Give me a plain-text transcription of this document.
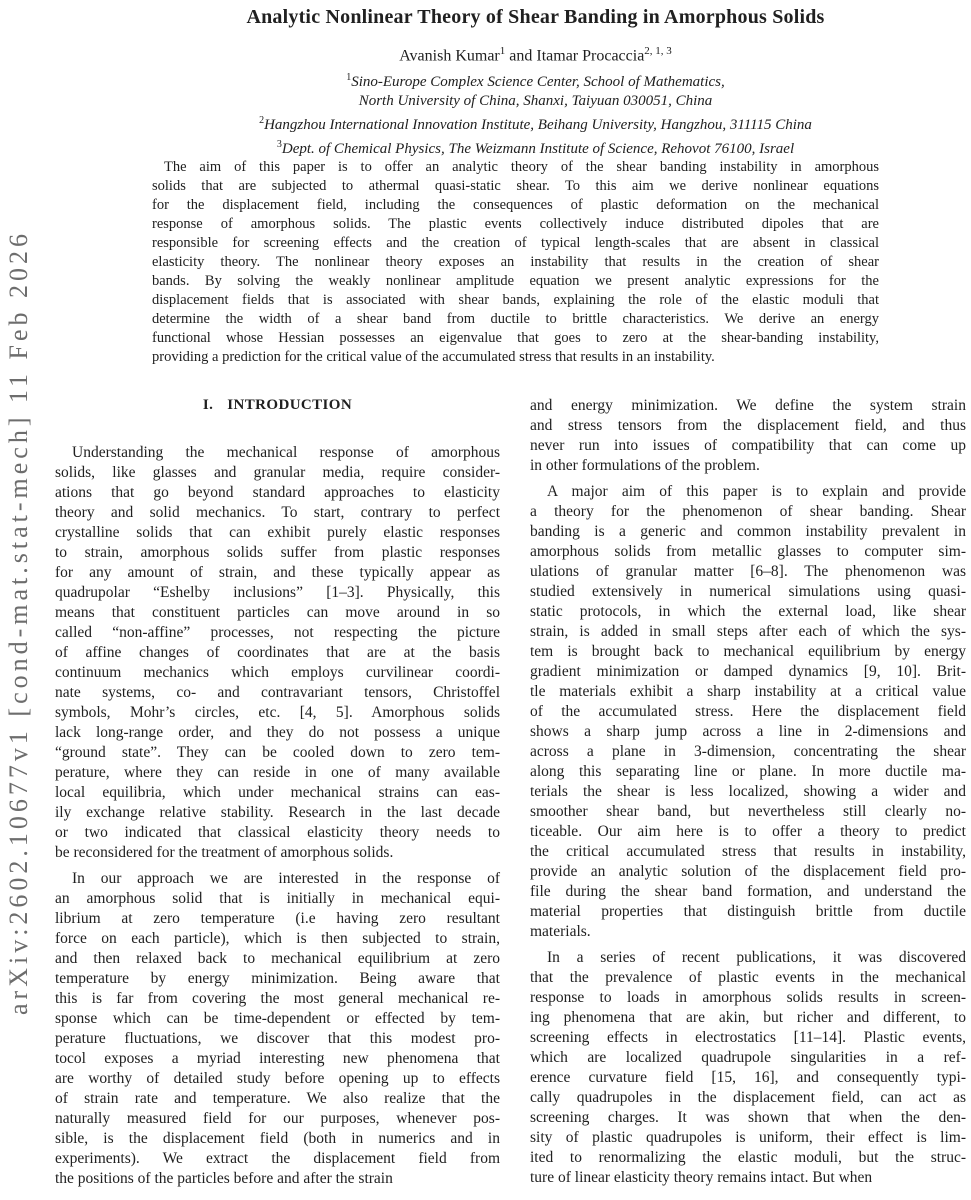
arXiv:2602.10677v1 [cond-mat.stat-mech] 11 Feb 2026
Analytic Nonlinear Theory of Shear Banding in Amorphous Solids
Avanish Kumar$^1$ and Itamar Procaccia$^{2, 1, 3}$
$^1$Sino-Europe Complex Science Center, School of Mathematics,
North University of China, Shanxi, Taiyuan 030051, China
$^2$Hangzhou International Innovation Institute, Beihang University, Hangzhou, 311115 China
$^3$Dept. of Chemical Physics, The Weizmann Institute of Science, Rehovot 76100, Israel
The aim of this paper is to offer an analytic theory of the shear banding instability in amorphous
solids that are subjected to athermal quasi-static shear. To this aim we derive nonlinear equations
for the displacement field, including the consequences of plastic deformation on the mechanical
response of amorphous solids. The plastic events collectively induce distributed dipoles that are
responsible for screening effects and the creation of typical length-scales that are absent in classical
elasticity theory. The nonlinear theory exposes an instability that results in the creation of shear
bands. By solving the weakly nonlinear amplitude equation we present analytic expressions for the
displacement fields that is associated with shear bands, explaining the role of the elastic moduli that
determine the width of a shear band from ductile to brittle characteristics. We derive an energy
functional whose Hessian possesses an eigenvalue that goes to zero at the shear-banding instability,
providing a prediction for the critical value of the accumulated stress that results in an instability.
I. INTRODUCTION
Understanding the mechanical response of amorphous
solids, like glasses and granular media, require consider-
ations that go beyond standard approaches to elasticity
theory and solid mechanics. To start, contrary to perfect
crystalline solids that can exhibit purely elastic responses
to strain, amorphous solids suffer from plastic responses
for any amount of strain, and these typically appear as
quadrupolar “Eshelby inclusions” [1–3]. Physically, this
means that constituent particles can move around in so
called “non-affine” processes, not respecting the picture
of affine changes of coordinates that are at the basis
continuum mechanics which employs curvilinear coordi-
nate systems, co- and contravariant tensors, Christoffel
symbols, Mohr’s circles, etc. [4, 5]. Amorphous solids
lack long-range order, and they do not possess a unique
“ground state”. They can be cooled down to zero tem-
perature, where they can reside in one of many available
local equilibria, which under mechanical strains can eas-
ily exchange relative stability. Research in the last decade
or two indicated that classical elasticity theory needs to
be reconsidered for the treatment of amorphous solids.
In our approach we are interested in the response of
an amorphous solid that is initially in mechanical equi-
librium at zero temperature (i.e having zero resultant
force on each particle), which is then subjected to strain,
and then relaxed back to mechanical equilibrium at zero
temperature by energy minimization. Being aware that
this is far from covering the most general mechanical re-
sponse which can be time-dependent or effected by tem-
perature fluctuations, we discover that this modest pro-
tocol exposes a myriad interesting new phenomena that
are worthy of detailed study before opening up to effects
of strain rate and temperature. We also realize that the
naturally measured field for our purposes, whenever pos-
sible, is the displacement field (both in numerics and in
experiments). We extract the displacement field from
the positions of the particles before and after the strain
and energy minimization. We define the system strain
and stress tensors from the displacement field, and thus
never run into issues of compatibility that can come up
in other formulations of the problem.
A major aim of this paper is to explain and provide
a theory for the phenomenon of shear banding. Shear
banding is a generic and common instability prevalent in
amorphous solids from metallic glasses to computer sim-
ulations of granular matter [6–8]. The phenomenon was
studied extensively in numerical simulations using quasi-
static protocols, in which the external load, like shear
strain, is added in small steps after each of which the sys-
tem is brought back to mechanical equilibrium by energy
gradient minimization or damped dynamics [9, 10]. Brit-
tle materials exhibit a sharp instability at a critical value
of the accumulated stress. Here the displacement field
shows a sharp jump across a line in 2-dimensions and
across a plane in 3-dimension, concentrating the shear
along this separating line or plane. In more ductile ma-
terials the shear is less localized, showing a wider and
smoother shear band, but nevertheless still clearly no-
ticeable. Our aim here is to offer a theory to predict
the critical accumulated stress that results in instability,
provide an analytic solution of the displacement field pro-
file during the shear band formation, and understand the
material properties that distinguish brittle from ductile
materials.
In a series of recent publications, it was discovered
that the prevalence of plastic events in the mechanical
response to loads in amorphous solids results in screen-
ing phenomena that are akin, but richer and different, to
screening effects in electrostatics [11–14]. Plastic events,
which are localized quadrupole singularities in a ref-
erence curvature field [15, 16], and consequently typi-
cally quadrupoles in the displacement field, can act as
screening charges. It was shown that when the den-
sity of plastic quadrupoles is uniform, their effect is lim-
ited to renormalizing the elastic moduli, but the struc-
ture of linear elasticity theory remains intact. But when
